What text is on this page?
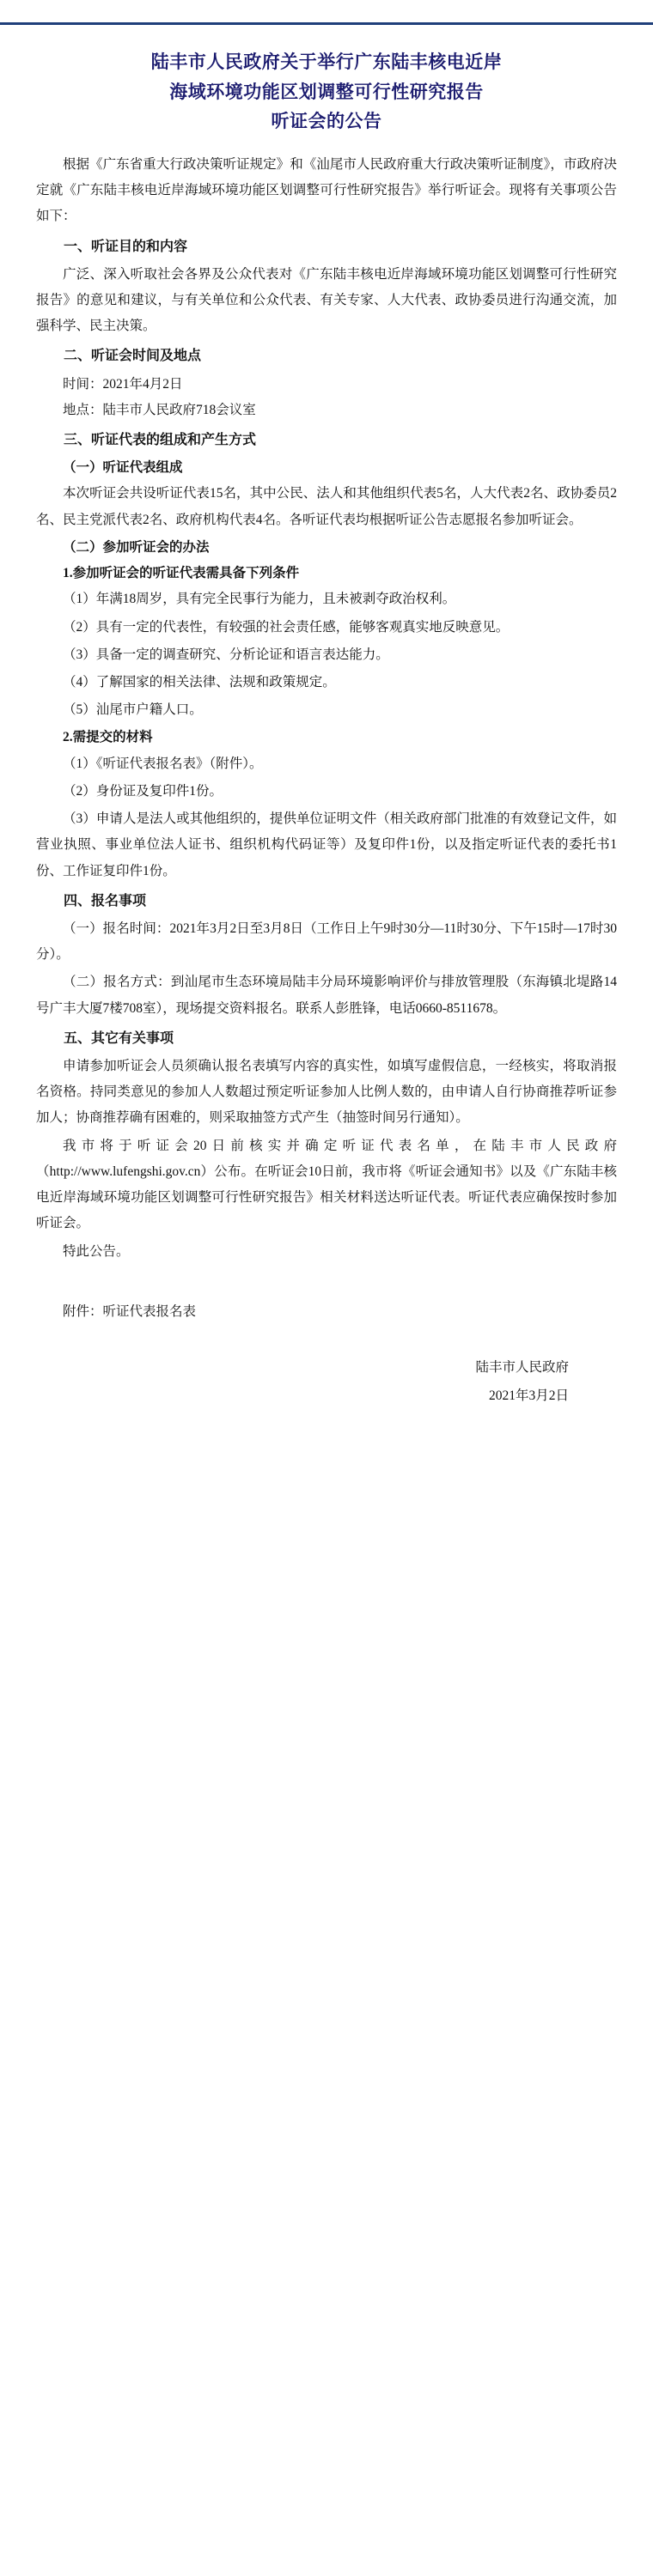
陆丰市人民政府关于举行广东陆丰核电近岸
海域环境功能区划调整可行性研究报告
听证会的公告

根据《广东省重大行政决策听证规定》和《汕尾市人民政府重大行政决策听证制度》，市政府决定就《广东陆丰核电近岸海域环境功能区划调整可行性研究报告》举行听证会。现将有关事项公告如下：

一、听证目的和内容

广泛、深入听取社会各界及公众代表对《广东陆丰核电近岸海域环境功能区划调整可行性研究报告》的意见和建议，与有关单位和公众代表、有关专家、人大代表、政协委员进行沟通交流，加强科学、民主决策。

二、听证会时间及地点

时间：2021年4月2日

地点：陆丰市人民政府718会议室

三、听证代表的组成和产生方式
（一）听证代表组成

本次听证会共设听证代表15名，其中公民、法人和其他组织代表5名，人大代表2名、政协委员2名、民主党派代表2名、政府机构代表4名。各听证代表均根据听证公告志愿报名参加听证会。

（二）参加听证会的办法
1.参加听证会的听证代表需具备下列条件

（1）年满18周岁，具有完全民事行为能力，且未被剥夺政治权利。

（2）具有一定的代表性，有较强的社会责任感，能够客观真实地反映意见。

（3）具备一定的调查研究、分析论证和语言表达能力。

（4）了解国家的相关法律、法规和政策规定。

（5）汕尾市户籍人口。

2.需提交的材料

（1）《听证代表报名表》（附件）。

（2）身份证及复印件1份。

（3）申请人是法人或其他组织的，提供单位证明文件（相关政府部门批准的有效登记文件，如营业执照、事业单位法人证书、组织机构代码证等）及复印件1份，以及指定听证代表的委托书1份、工作证复印件1份。

四、报名事项

（一）报名时间：2021年3月2日至3月8日（工作日上午9时30分—11时30分、下午15时—17时30分）。

（二）报名方式：到汕尾市生态环境局陆丰分局环境影响评价与排放管理股（东海镇北堤路14号广丰大厦7楼708室），现场提交资料报名。联系人彭胜锋，电话0660-8511678。

五、其它有关事项

申请参加听证会人员须确认报名表填写内容的真实性，如填写虚假信息，一经核实，将取消报名资格。持同类意见的参加人人数超过预定听证参加人比例人数的，由申请人自行协商推荐听证参加人；协商推荐确有困难的，则采取抽签方式产生（抽签时间另行通知）。

我市将于听证会20日前核实并确定听证代表名单，在陆丰市人民政府（http://www.lufengshi.gov.cn）公布。在听证会10日前，我市将《听证会通知书》以及《广东陆丰核电近岸海域环境功能区划调整可行性研究报告》相关材料送达听证代表。听证代表应确保按时参加听证会。

特此公告。

附件：听证代表报名表
陆丰市人民政府
2021年3月2日
